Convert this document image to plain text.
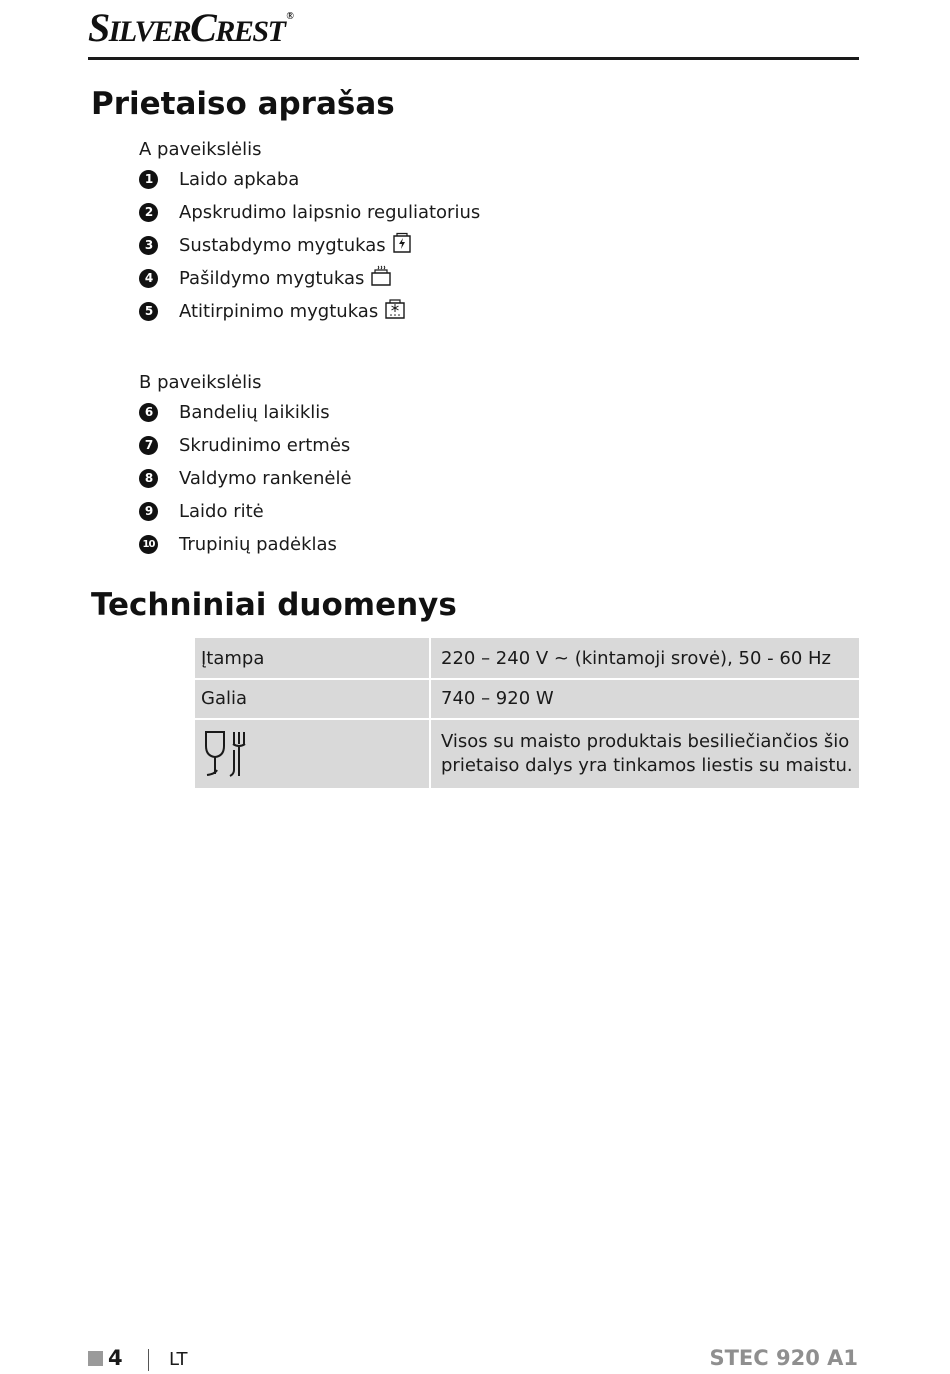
SILVERCREST ®
Prietaiso aprašas
A paveikslėlis
1	Laido apkaba
2	Apskrudimo laipsnio reguliatorius
3	Sustabdymo mygtukas
4	Pašildymo mygtukas
5	Atitirpinimo mygtukas
B paveikslėlis
6	Bandelių laikiklis
7	Skrudinimo ertmės
8	Valdymo rankenėlė
9	Laido ritė
10 Trupinių padėklas
Techniniai duomenys
Įtampa	220 – 240 V ~ (kintamoji srovė), 50 - 60 Hz
Galia	740 – 920 W
Visos su maisto produktais besiliečiančios šio
prietaiso dalys yra tinkamos liestis su maistu.
4	LT	STEC 920 A1
